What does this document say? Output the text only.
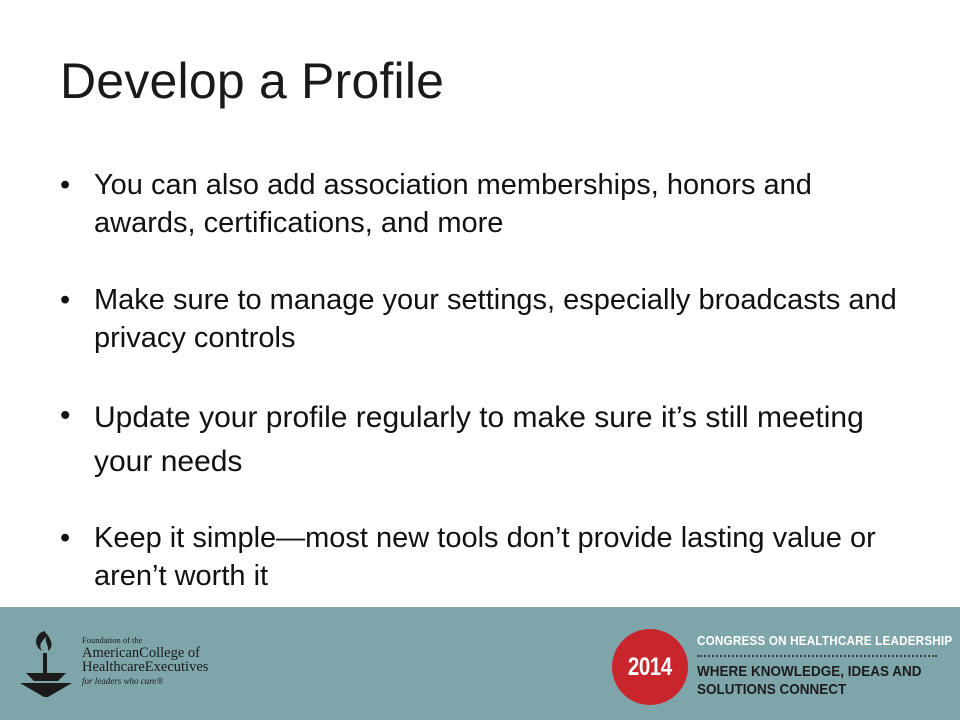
Develop a Profile
• You can also add association memberships, honors and awards, certifications, and more
• Make sure to manage your settings, especially broadcasts and privacy controls
• Update your profile regularly to make sure it’s still meeting your needs
• Keep it simple—most new tools don’t provide lasting value or aren’t worth it
Foundation of the
AmericanCollege of
HealthcareExecutives
for leaders who care®
2014
CONGRESS ON HEALTHCARE LEADERSHIP
WHERE KNOWLEDGE, IDEAS AND
SOLUTIONS CONNECT
